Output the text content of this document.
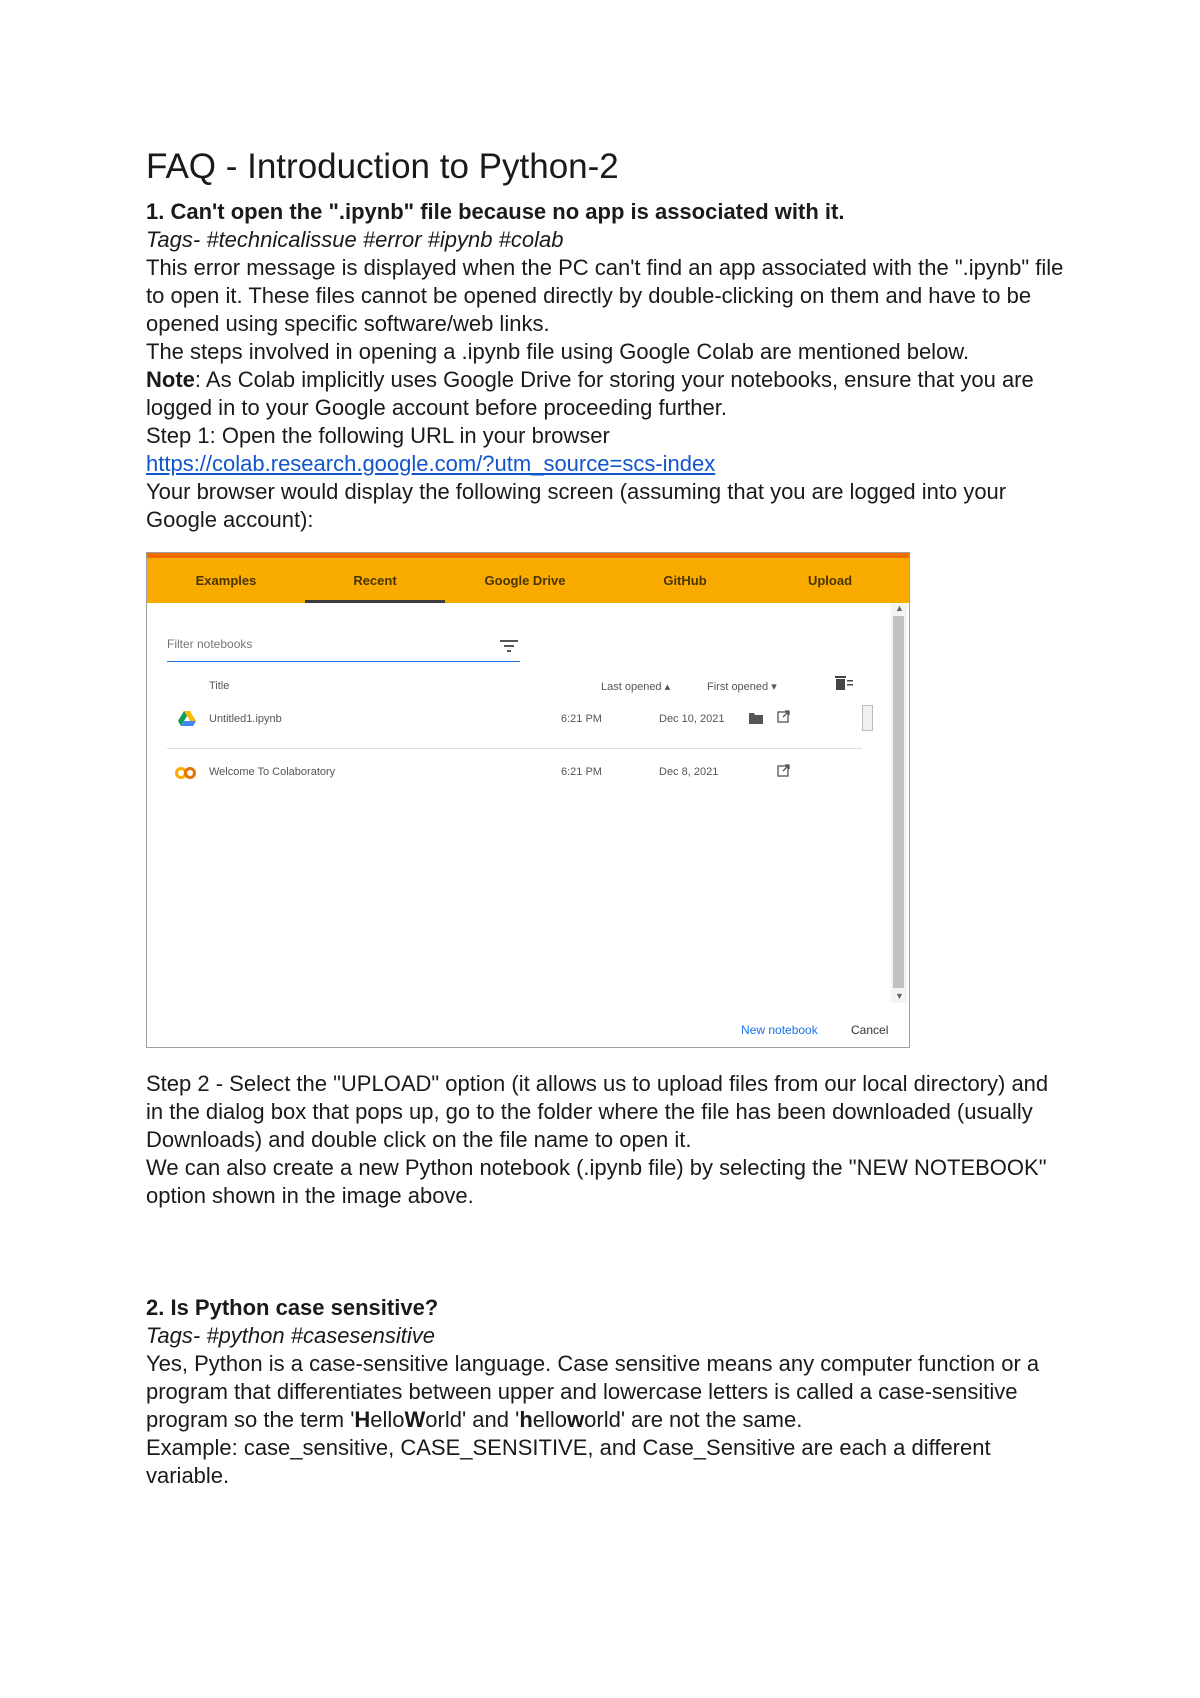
FAQ - Introduction to Python-2
1. Can't open the ".ipynb" file because no app is associated with it.
Tags- #technicalissue #error #ipynb #colab
This error message is displayed when the PC can't find an app associated with the ".ipynb" file to open it. These files cannot be opened directly by double-clicking on them and have to be opened using specific software/web links.
The steps involved in opening a .ipynb file using Google Colab are mentioned below.
Note: As Colab implicitly uses Google Drive for storing your notebooks, ensure that you are logged in to your Google account before proceeding further.
Step 1: Open the following URL in your browser
https://colab.research.google.com/?utm_source=scs-index
Your browser would display the following screen (assuming that you are logged into your Google account):
Examples	Recent	Google Drive	GitHub	Upload
Filter notebooks
Title	Last opened ▴	First opened ▾
Untitled1.ipynb	6:21 PM	Dec 10, 2021
Welcome To Colaboratory	6:21 PM	Dec 8, 2021
▲
▼
New notebook	Cancel
Step 2 - Select the "UPLOAD" option (it allows us to upload files from our local directory) and in the dialog box that pops up, go to the folder where the file has been downloaded (usually Downloads) and double click on the file name to open it.
We can also create a new Python notebook (.ipynb file) by selecting the "NEW NOTEBOOK" option shown in the image above.
2. Is Python case sensitive?
Tags- #python #casesensitive
Yes, Python is a case-sensitive language. Case sensitive means any computer function or a program that differentiates between upper and lowercase letters is called a case-sensitive program so the term 'HelloWorld' and 'helloworld' are not the same.
Example: case_sensitive, CASE_SENSITIVE, and Case_Sensitive are each a different variable.
